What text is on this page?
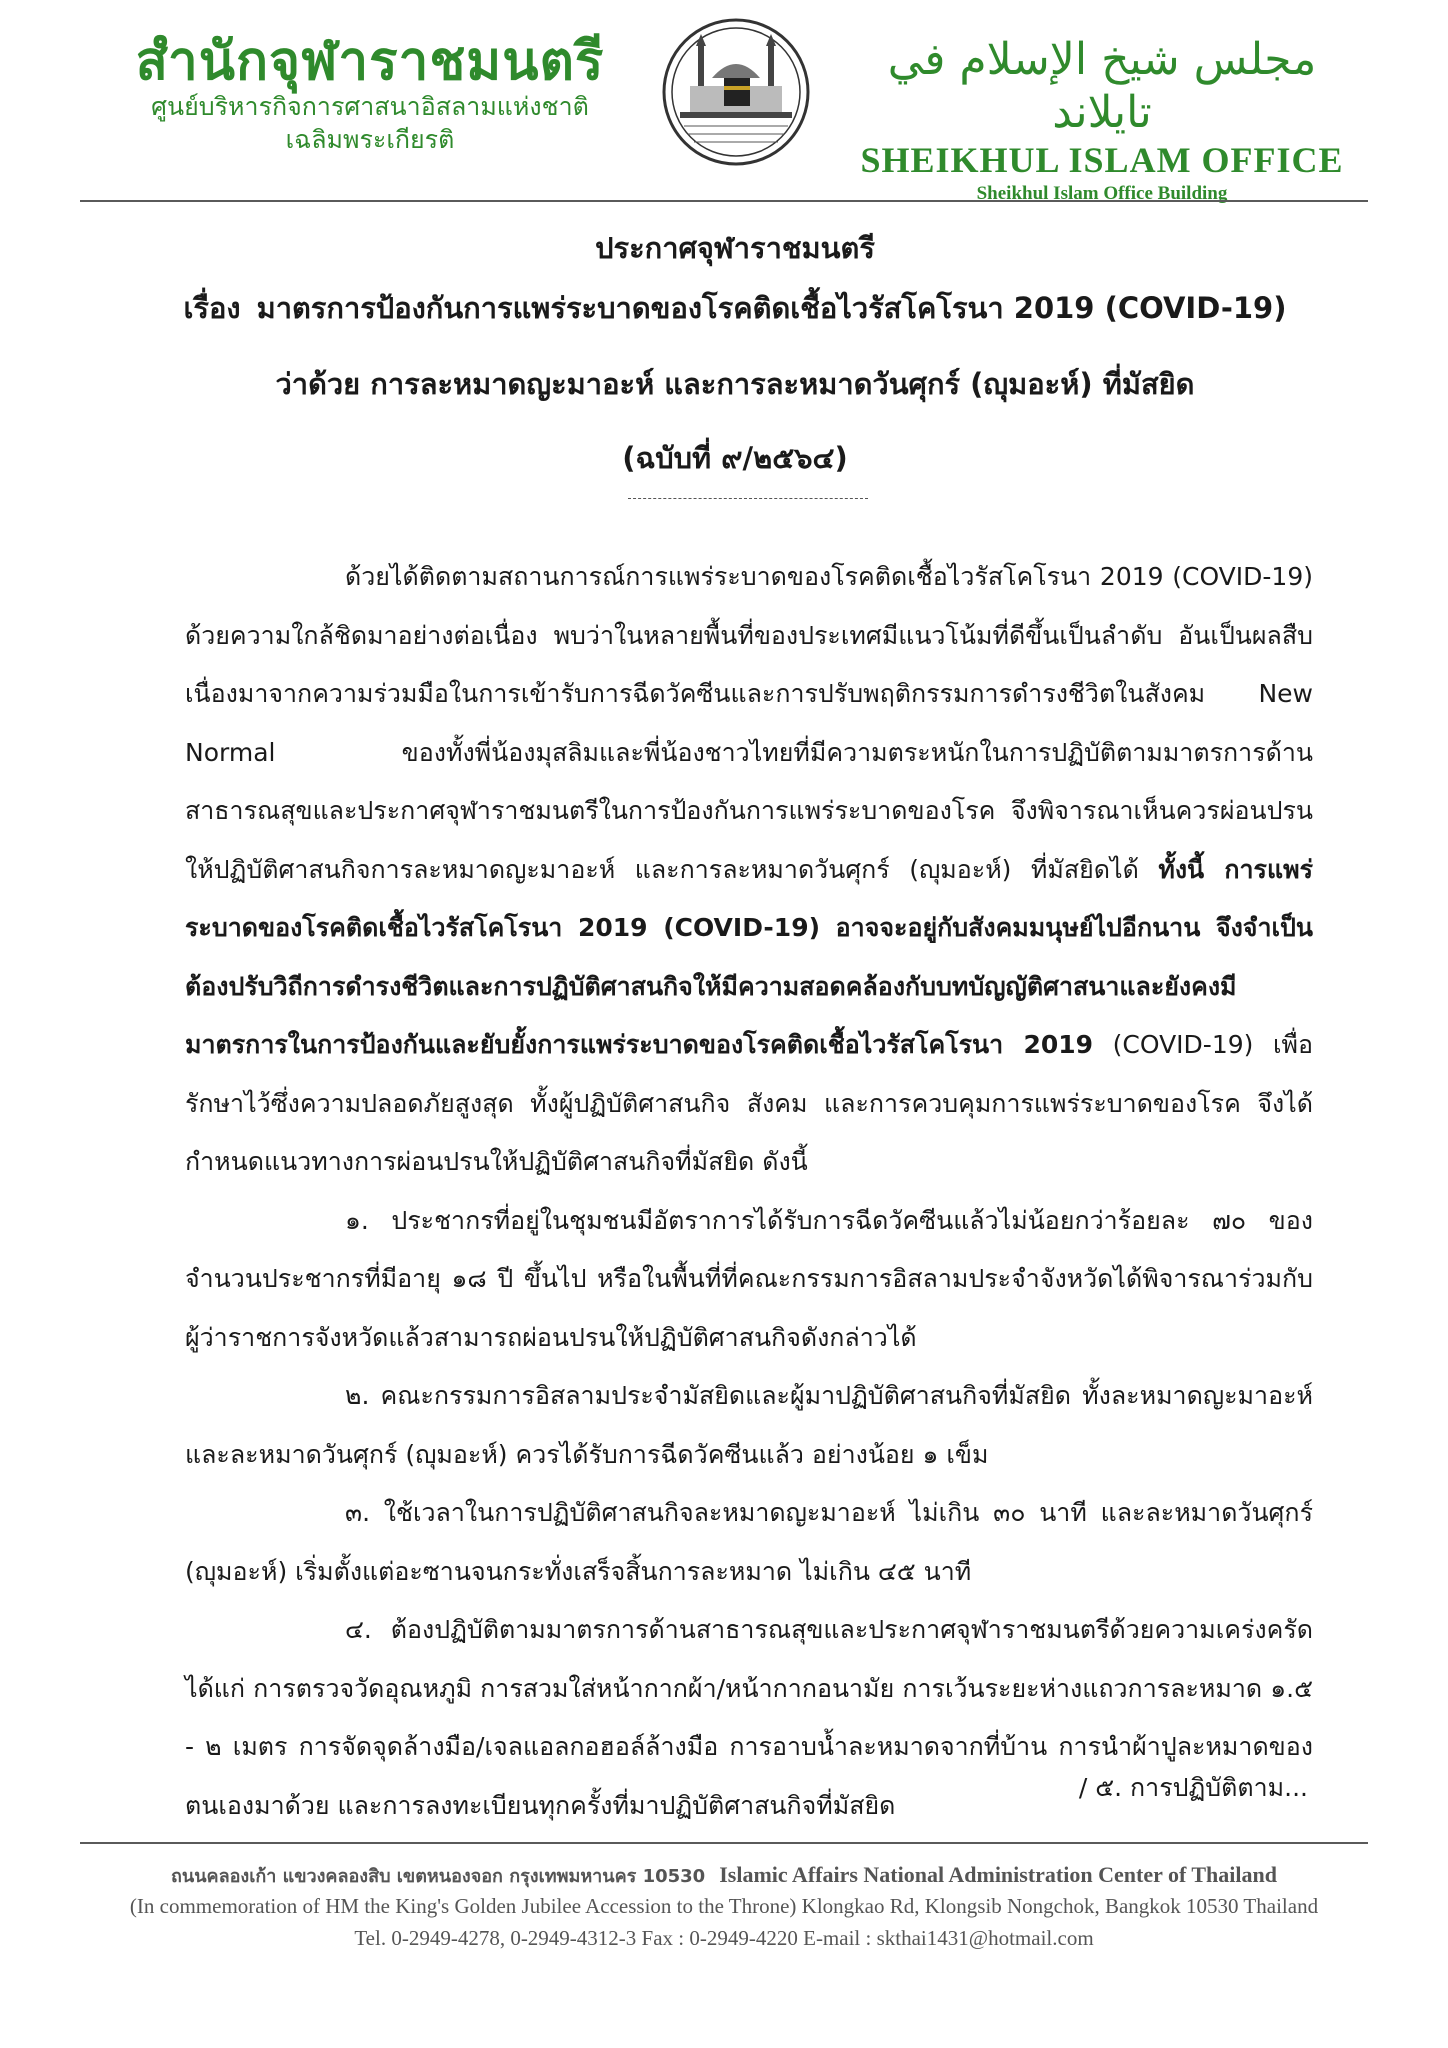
สำนักจุฬาราชมนตรี
ศูนย์บริหารกิจการศาสนาอิสลามแห่งชาติ
เฉลิมพระเกียรติ
مجلس شيخ الإسلام في تايلاند
SHEIKHUL ISLAM OFFICE
Sheikhul Islam Office Building
ประกาศจุฬาราชมนตรี
เรื่อง มาตรการป้องกันการแพร่ระบาดของโรคติดเชื้อไวรัสโคโรนา 2019 (COVID-19)
ว่าด้วย การละหมาดญะมาอะห์ และการละหมาดวันศุกร์ (ญุมอะห์) ที่มัสยิด
(ฉบับที่ ๙/๒๕๖๔)

ด้วยได้ติดตามสถานการณ์การแพร่ระบาดของโรคติดเชื้อไวรัสโคโรนา 2019 (COVID-19) ด้วยความใกล้ชิดมาอย่างต่อเนื่อง พบว่าในหลายพื้นที่ของประเทศมีแนวโน้มที่ดีขึ้นเป็นลำดับ อันเป็นผลสืบเนื่องมาจากความร่วมมือในการเข้ารับการฉีดวัคซีนและการปรับพฤติกรรมการดำรงชีวิตในสังคม New Normal ของทั้งพี่น้องมุสลิมและพี่น้องชาวไทยที่มีความตระหนักในการปฏิบัติตามมาตรการด้านสาธารณสุขและประกาศจุฬาราชมนตรีในการป้องกันการแพร่ระบาดของโรค จึงพิจารณาเห็นควรผ่อนปรนให้ปฏิบัติศาสนกิจการละหมาดญะมาอะห์ และการละหมาดวันศุกร์ (ญุมอะห์) ที่มัสยิดได้ ทั้งนี้ การแพร่ระบาดของโรคติดเชื้อไวรัสโคโรนา 2019 (COVID-19) อาจจะอยู่กับสังคมมนุษย์ไปอีกนาน จึงจำเป็นต้องปรับวิถีการดำรงชีวิตและการปฏิบัติศาสนกิจให้มีความสอดคล้องกับบทบัญญัติศาสนาและยังคงมีมาตรการในการป้องกันและยับยั้งการแพร่ระบาดของโรคติดเชื้อไวรัสโคโรนา 2019 (COVID-19) เพื่อรักษาไว้ซึ่งความปลอดภัยสูงสุด ทั้งผู้ปฏิบัติศาสนกิจ สังคม และการควบคุมการแพร่ระบาดของโรค จึงได้กำหนดแนวทางการผ่อนปรนให้ปฏิบัติศาสนกิจที่มัสยิด ดังนี้

๑. ประชากรที่อยู่ในชุมชนมีอัตราการได้รับการฉีดวัคซีนแล้วไม่น้อยกว่าร้อยละ ๗๐ ของจำนวนประชากรที่มีอายุ ๑๘ ปี ขึ้นไป หรือในพื้นที่ที่คณะกรรมการอิสลามประจำจังหวัดได้พิจารณาร่วมกับผู้ว่าราชการจังหวัดแล้วสามารถผ่อนปรนให้ปฏิบัติศาสนกิจดังกล่าวได้

๒. คณะกรรมการอิสลามประจำมัสยิดและผู้มาปฏิบัติศาสนกิจที่มัสยิด ทั้งละหมาดญะมาอะห์ และละหมาดวันศุกร์ (ญุมอะห์) ควรได้รับการฉีดวัคซีนแล้ว อย่างน้อย ๑ เข็ม

๓. ใช้เวลาในการปฏิบัติศาสนกิจละหมาดญะมาอะห์ ไม่เกิน ๓๐ นาที และละหมาดวันศุกร์ (ญุมอะห์) เริ่มตั้งแต่อะซานจนกระทั่งเสร็จสิ้นการละหมาด ไม่เกิน ๔๕ นาที

๔. ต้องปฏิบัติตามมาตรการด้านสาธารณสุขและประกาศจุฬาราชมนตรีด้วยความเคร่งครัด ได้แก่ การตรวจวัดอุณหภูมิ การสวมใส่หน้ากากผ้า/หน้ากากอนามัย การเว้นระยะห่างแถวการละหมาด ๑.๕ - ๒ เมตร การจัดจุดล้างมือ/เจลแอลกอฮอล์ล้างมือ การอาบน้ำละหมาดจากที่บ้าน การนำผ้าปูละหมาดของตนเองมาด้วย และการลงทะเบียนทุกครั้งที่มาปฏิบัติศาสนกิจที่มัสยิด

/ ๕. การปฏิบัติตาม...
ถนนคลองเก้า แขวงคลองสิบ เขตหนองจอก กรุงเทพมหานคร 10530 Islamic Affairs National Administration Center of Thailand
(In commemoration of HM the King's Golden Jubilee Accession to the Throne) Klongkao Rd, Klongsib Nongchok, Bangkok 10530 Thailand
Tel. 0-2949-4278, 0-2949-4312-3 Fax : 0-2949-4220 E-mail : skthai1431@hotmail.com
